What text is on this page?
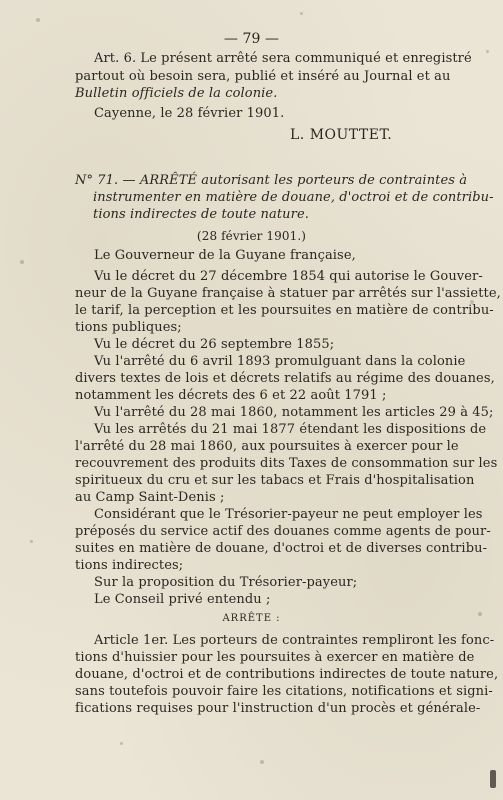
— 79 —
Art. 6. Le présent arrêté sera communiqué et enregistré
partout où besoin sera, publié et inséré au Journal et au
Bulletin officiels de la colonie.
Cayenne, le 28 février 1901.
L. MOUTTET.
N° 71. — ARRÊTÉ autorisant les porteurs de contraintes à
instrumenter en matière de douane, d'octroi et de contribu-
tions indirectes de toute nature.
(28 février 1901.)
Le Gouverneur de la Guyane française,
Vu le décret du 27 décembre 1854 qui autorise le Gouver-
neur de la Guyane française à statuer par arrêtés sur l'assiette,
le tarif, la perception et les poursuites en matière de contribu-
tions publiques;
Vu le décret du 26 septembre 1855;
Vu l'arrêté du 6 avril 1893 promulguant dans la colonie
divers textes de lois et décrets relatifs au régime des douanes,
notamment les décrets des 6 et 22 août 1791 ;
Vu l'arrêté du 28 mai 1860, notamment les articles 29 à 45;
Vu les arrêtés du 21 mai 1877 étendant les dispositions de
l'arrêté du 28 mai 1860, aux poursuites à exercer pour le
recouvrement des produits dits Taxes de consommation sur les
spiritueux du cru et sur les tabacs et Frais d'hospitalisation
au Camp Saint-Denis ;
Considérant que le Trésorier-payeur ne peut employer les
préposés du service actif des douanes comme agents de pour-
suites en matière de douane, d'octroi et de diverses contribu-
tions indirectes;
Sur la proposition du Trésorier-payeur;
Le Conseil privé entendu ;
ARRÊTE :
Article 1er. Les porteurs de contraintes rempliront les fonc-
tions d'huissier pour les poursuites à exercer en matière de
douane, d'octroi et de contributions indirectes de toute nature,
sans toutefois pouvoir faire les citations, notifications et signi-
fications requises pour l'instruction d'un procès et générale-
